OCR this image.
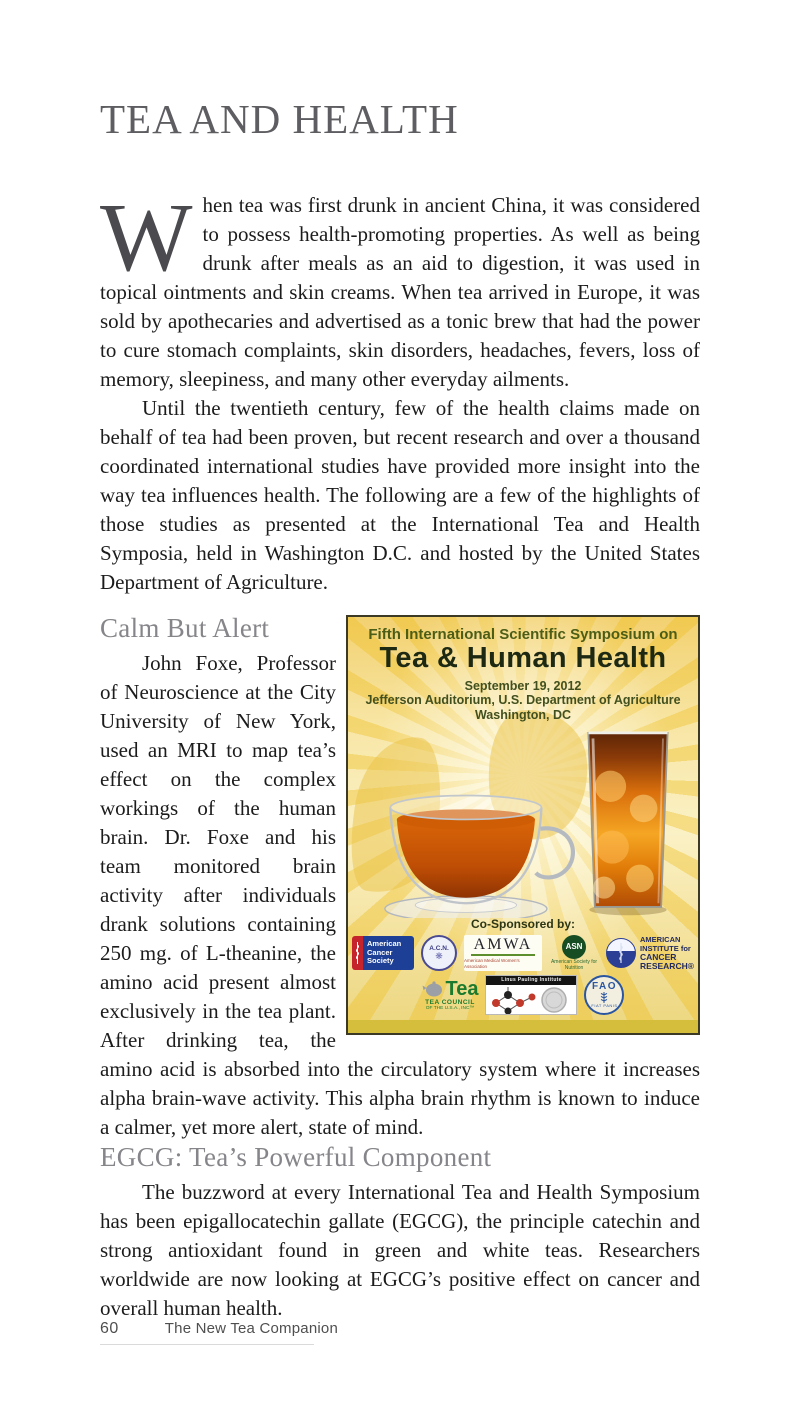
TEA AND HEALTH

When tea was first drunk in ancient China, it was considered to possess health-promoting properties. As well as being drunk after meals as an aid to digestion, it was used in topical ointments and skin creams. When tea arrived in Europe, it was sold by apothecaries and advertised as a tonic brew that had the power to cure stomach complaints, skin disorders, headaches, fevers, loss of memory, sleepiness, and many other everyday ailments.

Until the twentieth century, few of the health claims made on behalf of tea had been proven, but recent research and over a thousand coordinated international studies have provided more insight into the way tea influences health. The following are a few of the highlights of those studies as presented at the International Tea and Health Symposia, held in Washington D.C. and hosted by the United States Department of Agriculture.

Fifth International Scientific Symposium on
Tea & Human Health
September 19, 2012
Jefferson Auditorium, U.S. Department of Agriculture
Washington, DC
Co-Sponsored by:
American
Cancer
Society
A.C.N.
❋
AMWA
American Medical Women’s Association
ASN
American Society for Nutrition
AMERICAN
INSTITUTE for
CANCER
RESEARCH®
Tea
TEA COUNCIL
OF THE U.S.A., INC™
Linus Pauling Institute
FAO
FIAT PANIS
Calm But Alert

John Foxe, Professor of Neuroscience at the City University of New York, used an MRI to map tea’s effect on the complex workings of the human brain. Dr. Foxe and his team monitored brain activity after individuals drank solutions containing 250 mg. of L-theanine, the amino acid present almost exclusively in the tea plant. After drinking tea, the amino acid is absorbed into the circulatory system where it increases alpha brain-wave activity. This alpha brain rhythm is known to induce a calmer, yet more alert, state of mind.

EGCG: Tea’s Powerful Component

The buzzword at every International Tea and Health Symposium has been epigallocatechin gallate (EGCG), the principle catechin and strong antioxidant found in green and white teas. Researchers worldwide are now looking at EGCG’s positive effect on cancer and overall human health.

60	The New Tea Companion
